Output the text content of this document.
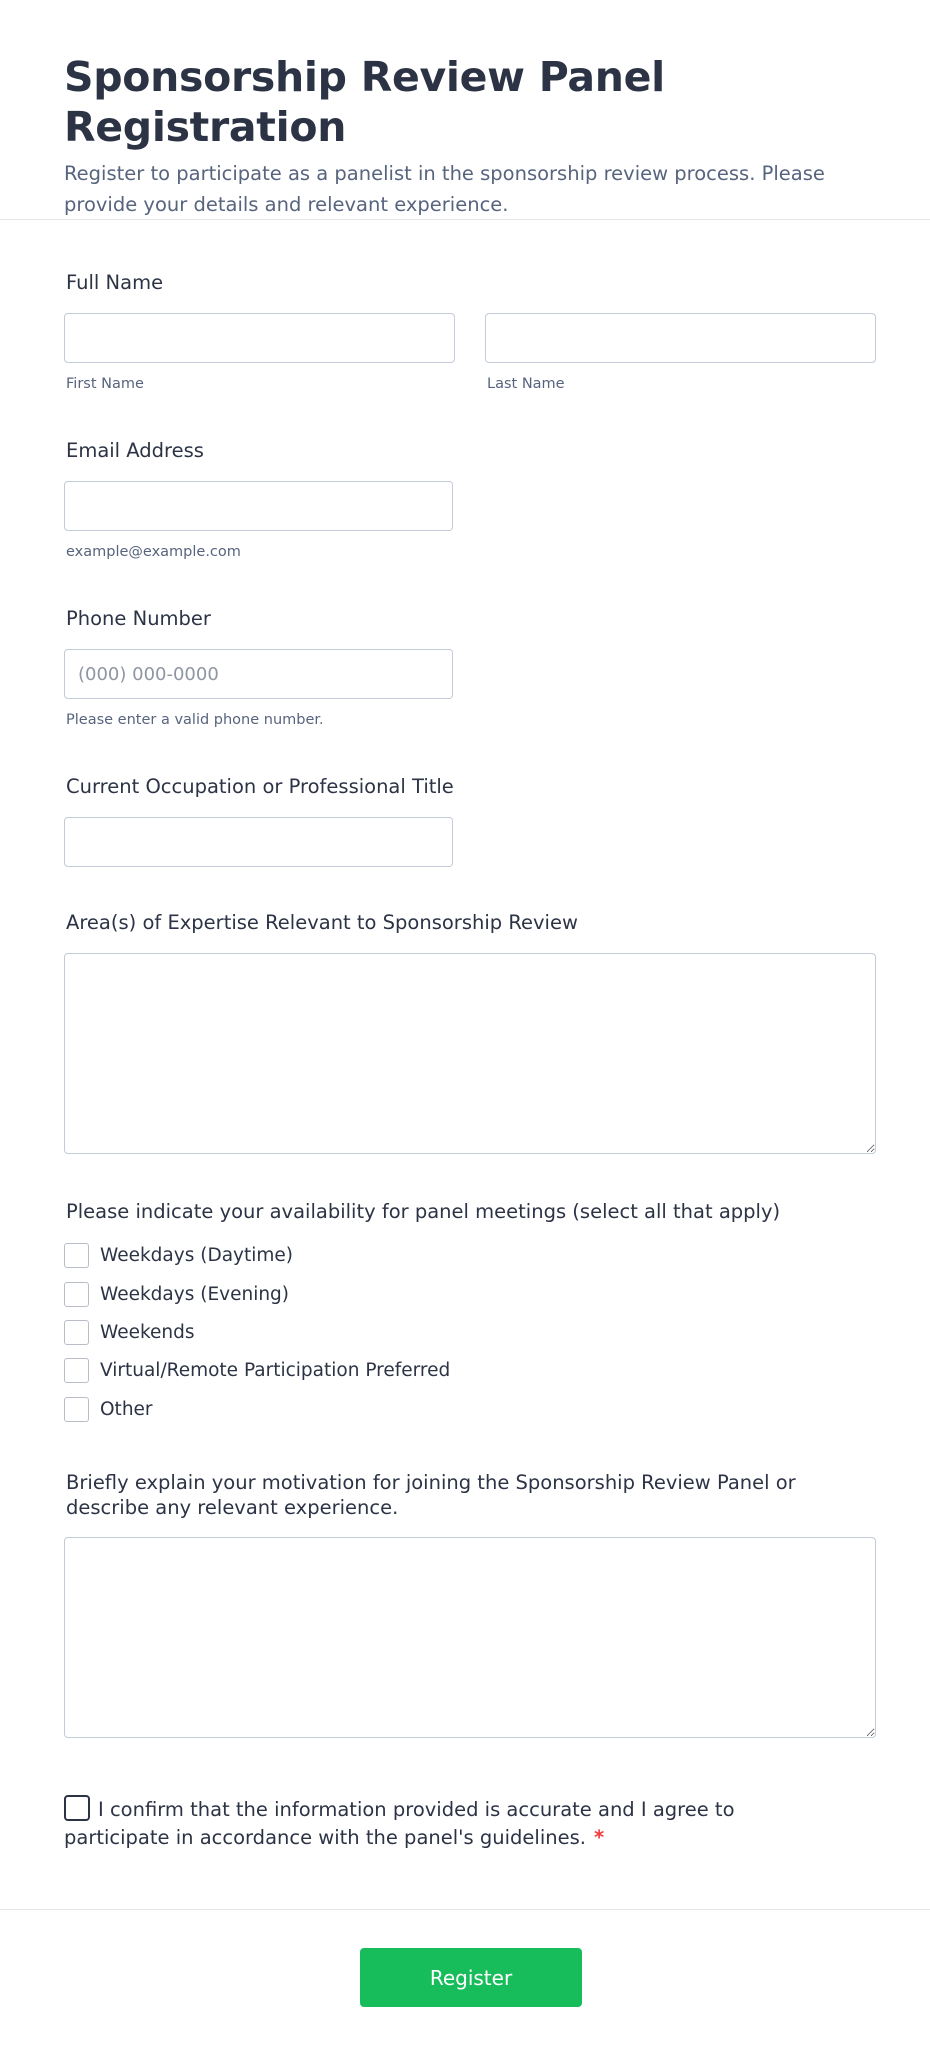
Sponsorship Review Panel Registration
Register to participate as a panelist in the sponsorship review process. Please provide your details and relevant experience.
Full Name
First Name	Last Name
Email Address
example@example.com
Phone Number
(000) 000-0000
Please enter a valid phone number.
Current Occupation or Professional Title
Area(s) of Expertise Relevant to Sponsorship Review
Please indicate your availability for panel meetings (select all that apply)
Weekdays (Daytime)
Weekdays (Evening)
Weekends
Virtual/Remote Participation Preferred
Other
Briefly explain your motivation for joining the Sponsorship Review Panel or describe any relevant experience.
I confirm that the information provided is accurate and I agree to participate in accordance with the panel's guidelines. *
Register
